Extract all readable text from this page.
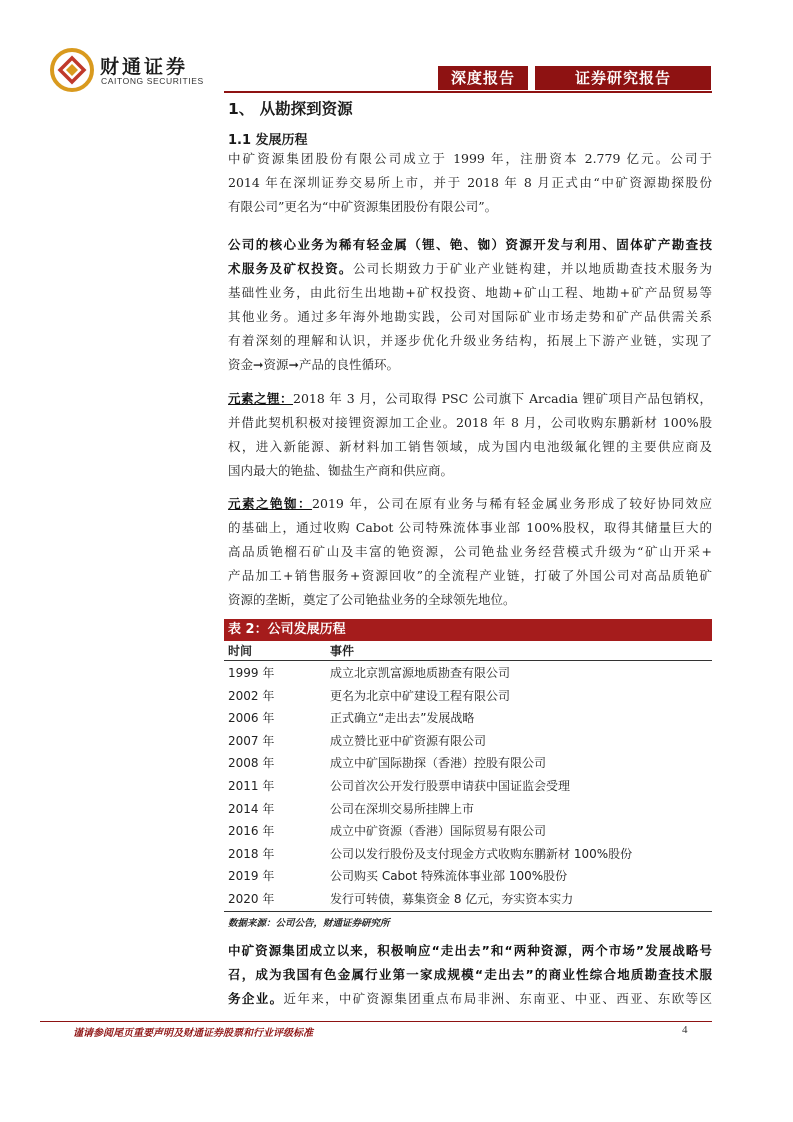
财通证券
CAITONG SECURITIES	深度报告	证券研究报告
1、 从勘探到资源
1.1 发展历程
中矿资源集团股份有限公司成立于 1999 年，注册资本 2.779 亿元。公司于
2014 年在深圳证券交易所上市，并于 2018 年 8 月正式由“中矿资源勘探股份
有限公司”更名为“中矿资源集团股份有限公司”。
公司的核心业务为稀有轻金属（锂、铯、铷）资源开发与利用、固体矿产勘查技
术服务及矿权投资。公司长期致力于矿业产业链构建，并以地质勘查技术服务为
基础性业务，由此衍生出地勘+矿权投资、地勘+矿山工程、地勘+矿产品贸易等
其他业务。通过多年海外地勘实践，公司对国际矿业市场走势和矿产品供需关系
有着深刻的理解和认识，并逐步优化升级业务结构，拓展上下游产业链，实现了
资金➞资源➞产品的良性循环。
元素之锂：2018 年 3 月，公司取得 PSC 公司旗下 Arcadia 锂矿项目产品包销权，
并借此契机积极对接锂资源加工企业。2018 年 8 月，公司收购东鹏新材 100%股
权，进入新能源、新材料加工销售领域，成为国内电池级氟化锂的主要供应商及
国内最大的铯盐、铷盐生产商和供应商。
元素之铯铷：2019 年，公司在原有业务与稀有轻金属业务形成了较好协同效应
的基础上，通过收购 Cabot 公司特殊流体事业部 100%股权，取得其储量巨大的
高品质铯榴石矿山及丰富的铯资源，公司铯盐业务经营模式升级为“矿山开采+
产品加工+销售服务+资源回收”的全流程产业链，打破了外国公司对高品质铯矿
资源的垄断，奠定了公司铯盐业务的全球领先地位。
表 2：公司发展历程
时间	事件
1999 年	成立北京凯富源地质勘查有限公司
2002 年	更名为北京中矿建设工程有限公司
2006 年	正式确立“走出去”发展战略
2007 年	成立赞比亚中矿资源有限公司
2008 年	成立中矿国际勘探（香港）控股有限公司
2011 年	公司首次公开发行股票申请获中国证监会受理
2014 年	公司在深圳交易所挂牌上市
2016 年	成立中矿资源（香港）国际贸易有限公司
2018 年	公司以发行股份及支付现金方式收购东鹏新材 100%股份
2019 年	公司购买 Cabot 特殊流体事业部 100%股份
2020 年	发行可转债，募集资金 8 亿元，夯实资本实力
数据来源：公司公告，财通证券研究所
中矿资源集团成立以来，积极响应“走出去”和“两种资源，两个市场”发展战略号
召，成为我国有色金属行业第一家成规模“走出去”的商业性综合地质勘查技术服
务企业。近年来，中矿资源集团重点布局非洲、东南亚、中亚、西亚、东欧等区
谨请参阅尾页重要声明及财通证券股票和行业评级标准	4
